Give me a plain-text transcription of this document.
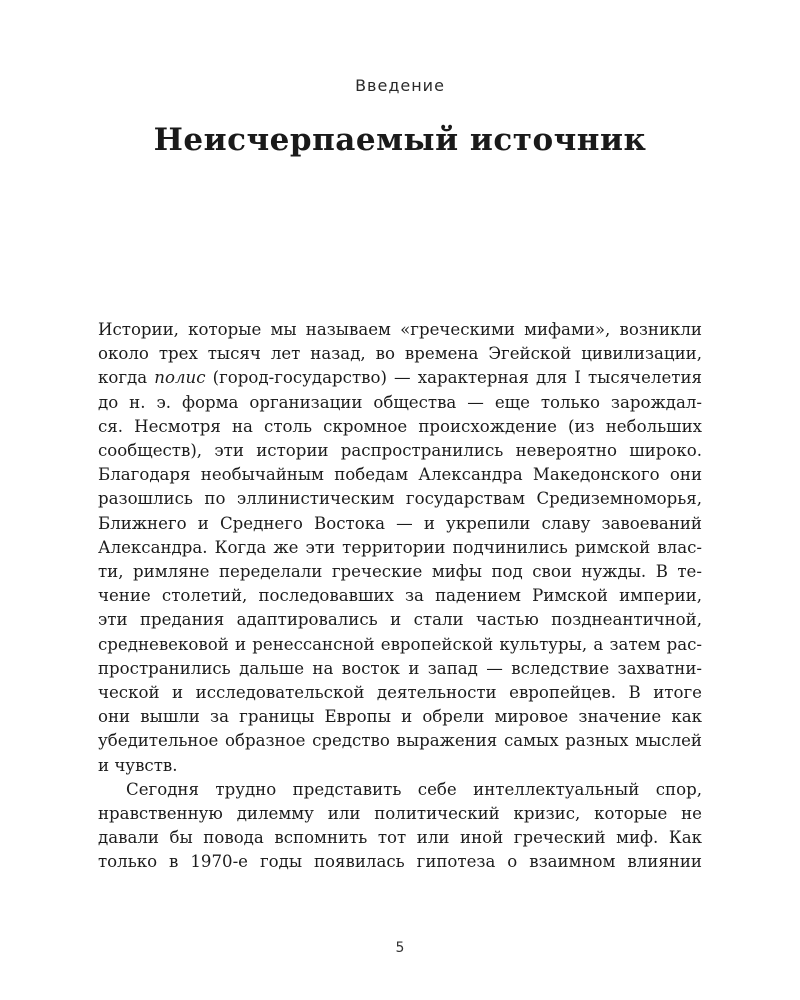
Введение
Неисчерпаемый источник
Истории, которые мы называем «греческими мифами», возникли
около трех тысяч лет назад, во времена Эгейской цивилизации,
когда полис (город-государство) — характерная для I тысячелетия
до н. э. форма организации общества — еще только зарождал-
ся. Несмотря на столь скромное происхождение (из небольших
сообществ), эти истории распространились невероятно широко.
Благодаря необычайным победам Александра Македонского они
разошлись по эллинистическим государствам Средиземноморья,
Ближнего и Среднего Востока — и укрепили славу завоеваний
Александра. Когда же эти территории подчинились римской влас-
ти, римляне переделали греческие мифы под свои нужды. В те-
чение столетий, последовавших за падением Римской империи,
эти предания адаптировались и стали частью позднеантичной,
средневековой и ренессансной европейской культуры, а затем рас-
пространились дальше на восток и запад — вследствие захватни-
ческой и исследовательской деятельности европейцев. В итоге
они вышли за границы Европы и обрели мировое значение как
убедительное образное средство выражения самых разных мыслей
и чувств.
Сегодня трудно представить себе интеллектуальный спор,
нравственную дилемму или политический кризис, которые не
давали бы повода вспомнить тот или иной греческий миф. Как
только в 1970-е годы появилась гипотеза о взаимном влиянии
5
